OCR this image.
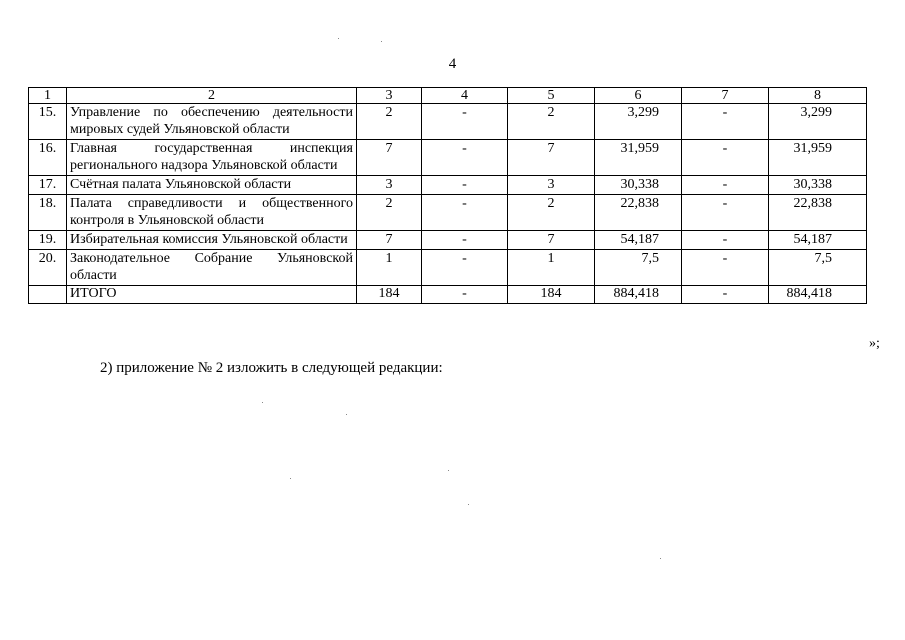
4
1	2	3	4	5	6	7	8
15.	Управление по обеспечению деятельности мировых судей Ульяновской области	2	-	2	3,299	-	3,299
16.	Главная государственная инспекция регионального надзора Ульяновской области	7	-	7	31,959	-	31,959
17.	Счётная палата Ульяновской области	3	-	3	30,338	-	30,338
18.	Палата справедливости и общественного контроля в Ульяновской области	2	-	2	22,838	-	22,838
19.	Избирательная комиссия Ульяновской области	7	-	7	54,187	-	54,187
20.	Законодательное Собрание Ульяновской области	1	-	1	7,5	-	7,5
	ИТОГО	184	-	184	884,418	-	884,418
»;
2) приложение № 2 изложить в следующей редакции:
